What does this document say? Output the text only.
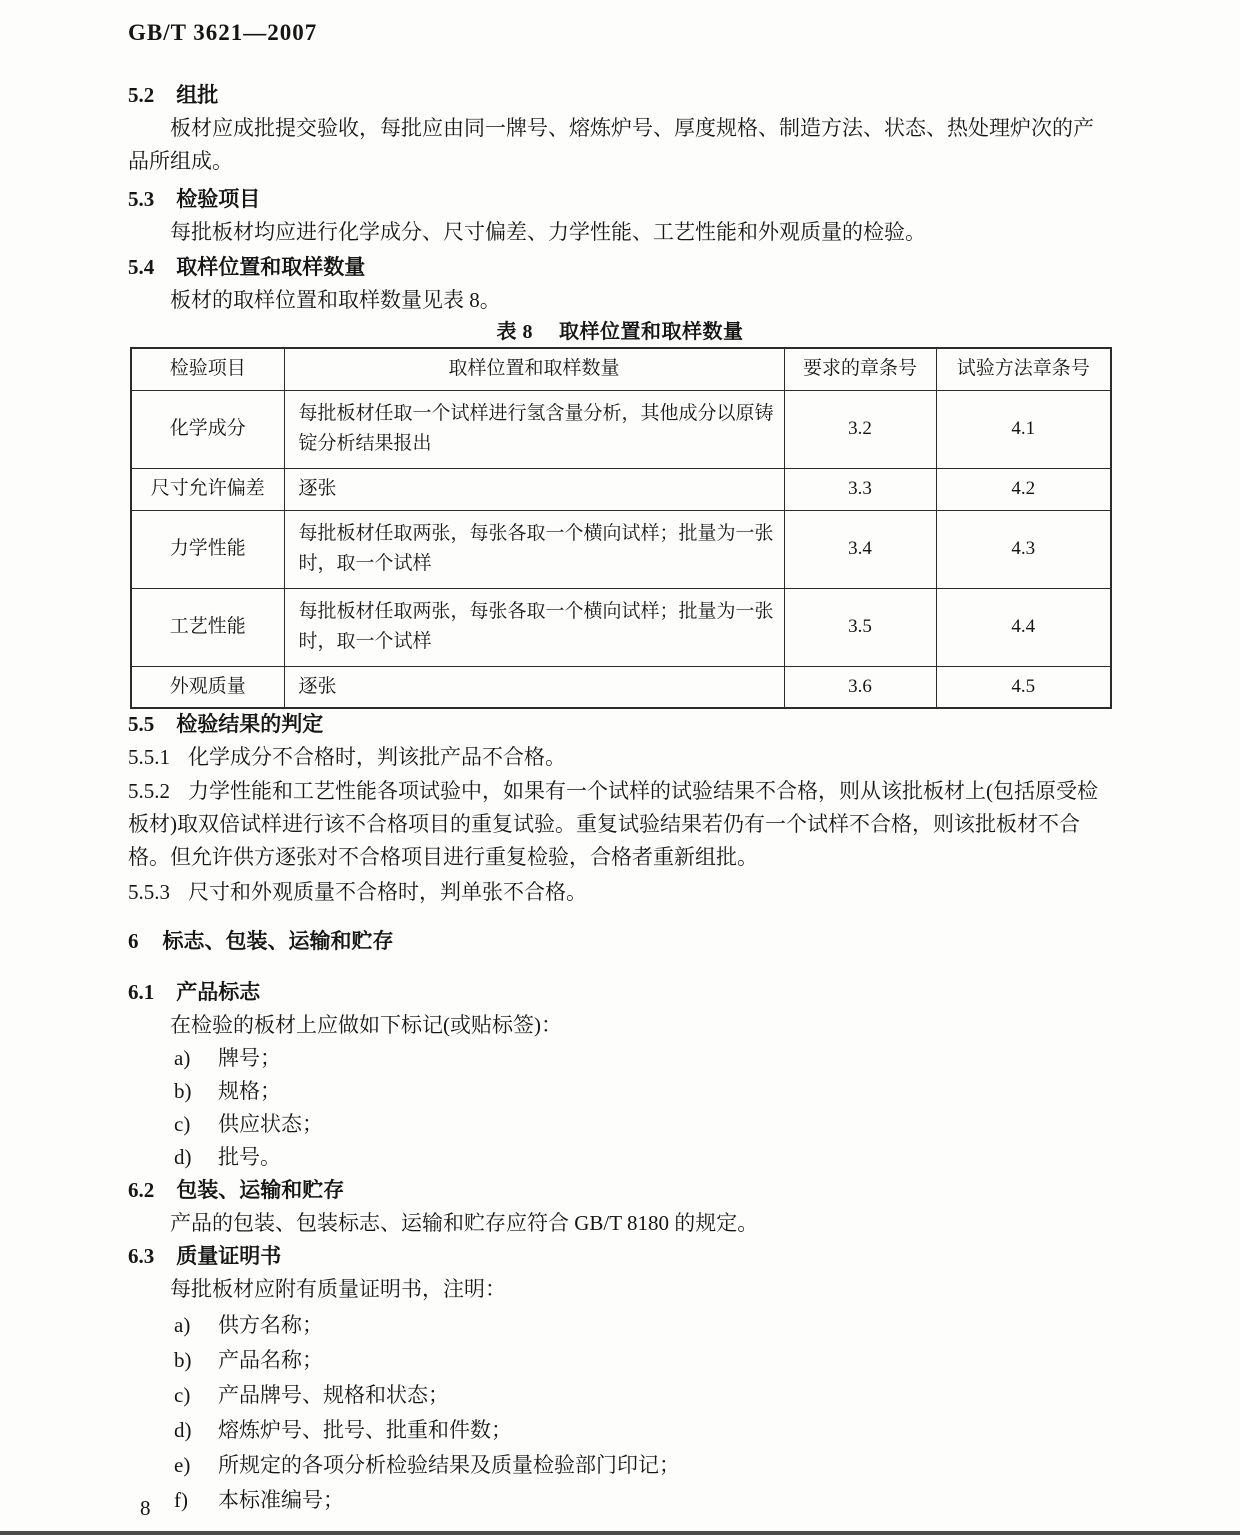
GB/T 3621—2007
5.2 组批

板材应成批提交验收，每批应由同一牌号、熔炼炉号、厚度规格、制造方法、状态、热处理炉次的产品所组成。

5.3 检验项目

每批板材均应进行化学成分、尺寸偏差、力学性能、工艺性能和外观质量的检验。

5.4 取样位置和取样数量

板材的取样位置和取样数量见表 8。

表 8 取样位置和取样数量
检验项目	取样位置和取样数量	要求的章条号	试验方法章条号
化学成分	每批板材任取一个试样进行氢含量分析，其他成分以原铸锭分析结果报出	3.2	4.1
尺寸允许偏差	逐张	3.3	4.2
力学性能	每批板材任取两张，每张各取一个横向试样；批量为一张时，取一个试样	3.4	4.3
工艺性能	每批板材任取两张，每张各取一个横向试样；批量为一张时，取一个试样	3.5	4.4
外观质量	逐张	3.6	4.5
5.5 检验结果的判定

5.5.1 化学成分不合格时，判该批产品不合格。

5.5.2 力学性能和工艺性能各项试验中，如果有一个试样的试验结果不合格，则从该批板材上(包括原受检板材)取双倍试样进行该不合格项目的重复试验。重复试验结果若仍有一个试样不合格，则该批板材不合格。但允许供方逐张对不合格项目进行重复检验，合格者重新组批。

5.5.3 尺寸和外观质量不合格时，判单张不合格。

6 标志、包装、运输和贮存
6.1 产品标志

在检验的板材上应做如下标记(或贴标签)：

a)	牌号；
b)	规格；
c)	供应状态；
d)	批号。
6.2 包装、运输和贮存

产品的包装、包装标志、运输和贮存应符合 GB/T 8180 的规定。

6.3 质量证明书

每批板材应附有质量证明书，注明：

a)	供方名称；
b)	产品名称；
c)	产品牌号、规格和状态；
d)	熔炼炉号、批号、批重和件数；
e)	所规定的各项分析检验结果及质量检验部门印记；
f)	本标准编号；
8
